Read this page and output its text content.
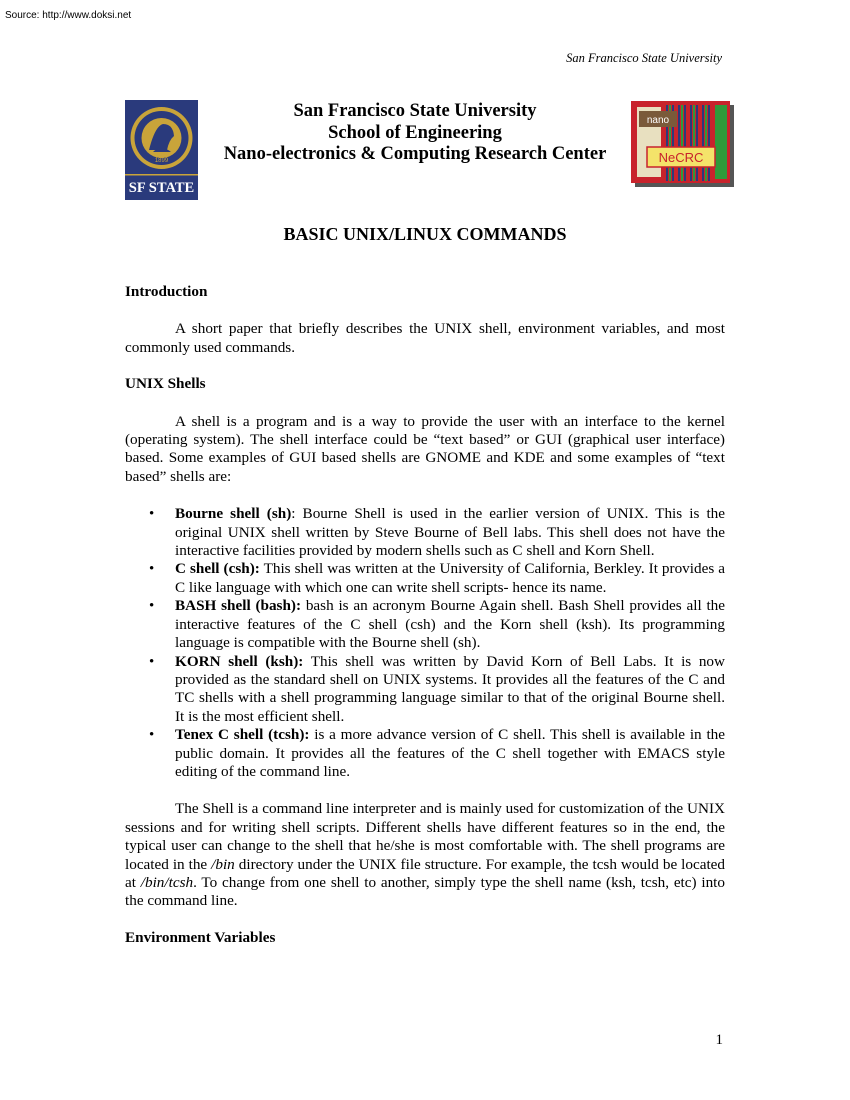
Source: http://www.doksi.net
San Francisco State University
1899
SF STATE
San Francisco State University
School of Engineering
Nano-electronics & Computing Research Center
nano
NeCRC
BASIC UNIX/LINUX COMMANDS
Introduction

A short paper that briefly describes the UNIX shell, environment variables, and most commonly used commands.

UNIX Shells

A shell is a program and is a way to provide the user with an interface to the kernel (operating system). The shell interface could be “text based” or GUI (graphical user interface) based. Some examples of GUI based shells are GNOME and KDE and some examples of “text based” shells are:

• Bourne shell (sh): Bourne Shell is used in the earlier version of UNIX. This is the original UNIX shell written by Steve Bourne of Bell labs. This shell does not have the interactive facilities provided by modern shells such as C shell and Korn Shell.
• C shell (csh): This shell was written at the University of California, Berkley. It provides a C like language with which one can write shell scripts- hence its name.
• BASH shell (bash): bash is an acronym Bourne Again shell. Bash Shell provides all the interactive features of the C shell (csh) and the Korn shell (ksh). Its programming language is compatible with the Bourne shell (sh).
• KORN shell (ksh): This shell was written by David Korn of Bell Labs. It is now provided as the standard shell on UNIX systems. It provides all the features of the C and TC shells with a shell programming language similar to that of the original Bourne shell. It is the most efficient shell.
• Tenex C shell (tcsh): is a more advance version of C shell. This shell is available in the public domain. It provides all the features of the C shell together with EMACS style editing of the command line.

The Shell is a command line interpreter and is mainly used for customization of the UNIX sessions and for writing shell scripts. Different shells have different features so in the end, the typical user can change to the shell that he/she is most comfortable with. The shell programs are located in the /bin directory under the UNIX file structure. For example, the tcsh would be located at /bin/tcsh. To change from one shell to another, simply type the shell name (ksh, tcsh, etc) into the command line.

Environment Variables
1
